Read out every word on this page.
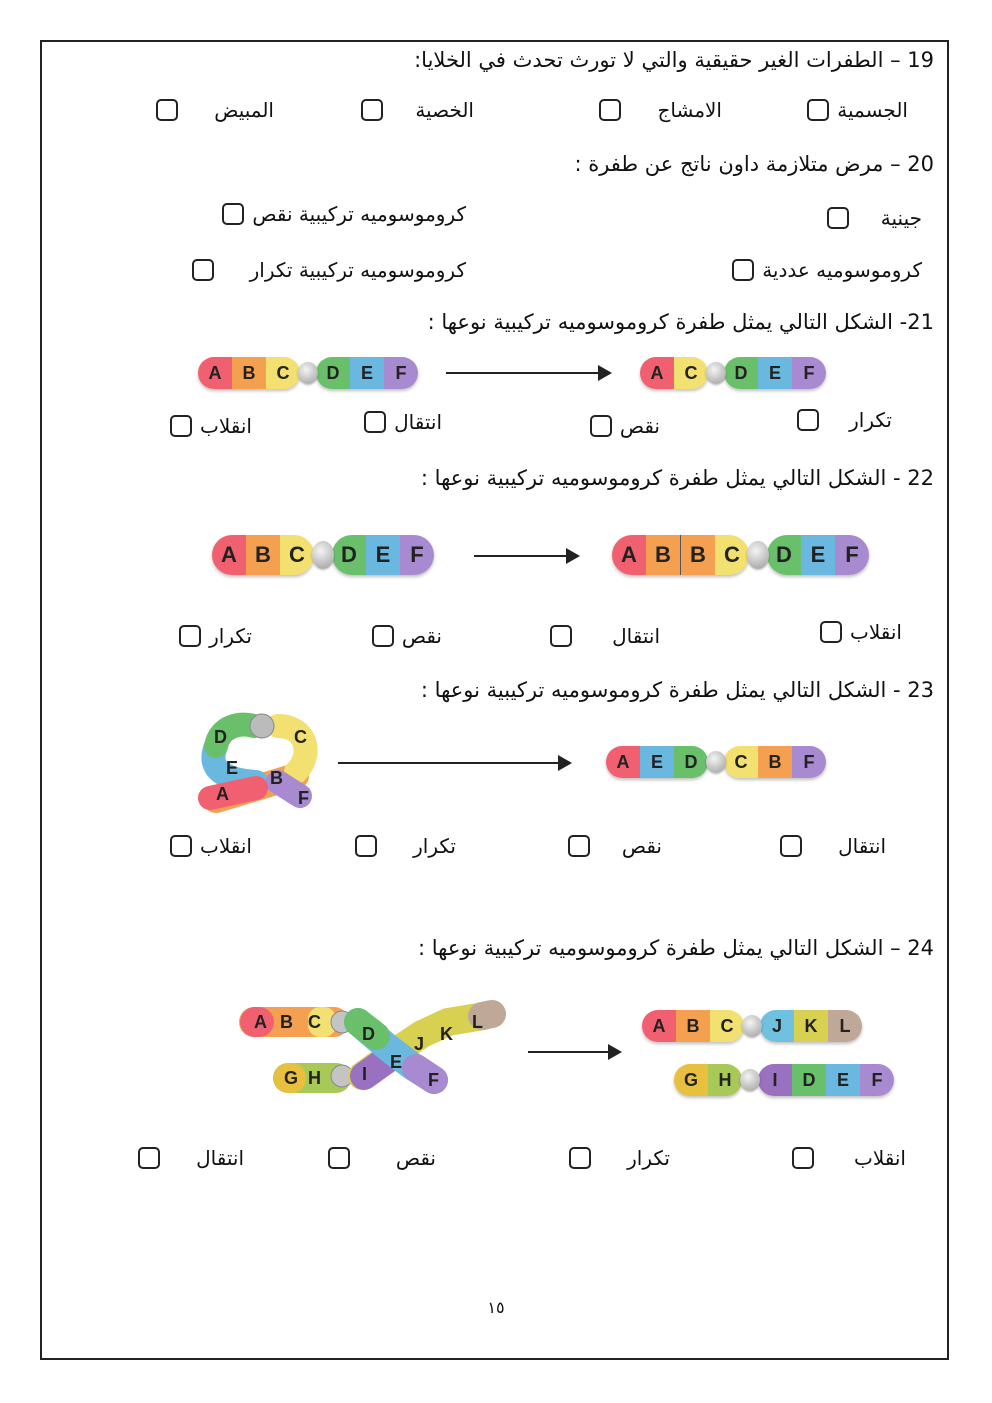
19 – الطفرات الغير حقيقية والتي لا تورث تحدث في الخلايا:
الجسمية
الامشاج
الخصية
المبيض
20 – مرض متلازمة داون ناتج عن طفرة :
جينية
كروموسوميه تركيبية نقص
كروموسوميه عددية
كروموسوميه تركيبية تكرار
21- الشكل التالي يمثل طفرة كروموسوميه تركيبية نوعها :
A	B	C	D	E	F	A	C	D	E	F
تكرار
نقص
انتقال
انقلاب
22 - الشكل التالي يمثل طفرة كروموسوميه تركيبية نوعها :
A B C	D E F	A B B C	D E F
انقلاب
انتقال
نقص
تكرار
23 - الشكل التالي يمثل طفرة كروموسوميه تركيبية نوعها :
D	C
E B
A	F
A	E	D	C	B	F
انتقال
نقص
تكرار
انقلاب
24 – الشكل التالي يمثل طفرة كروموسوميه تركيبية نوعها :
A B C
D J K
L
E
G H I	F
A	B	C	J	K	L
G	H	I	D	E	F
انقلاب
تكرار
نقص
انتقال
١٥
